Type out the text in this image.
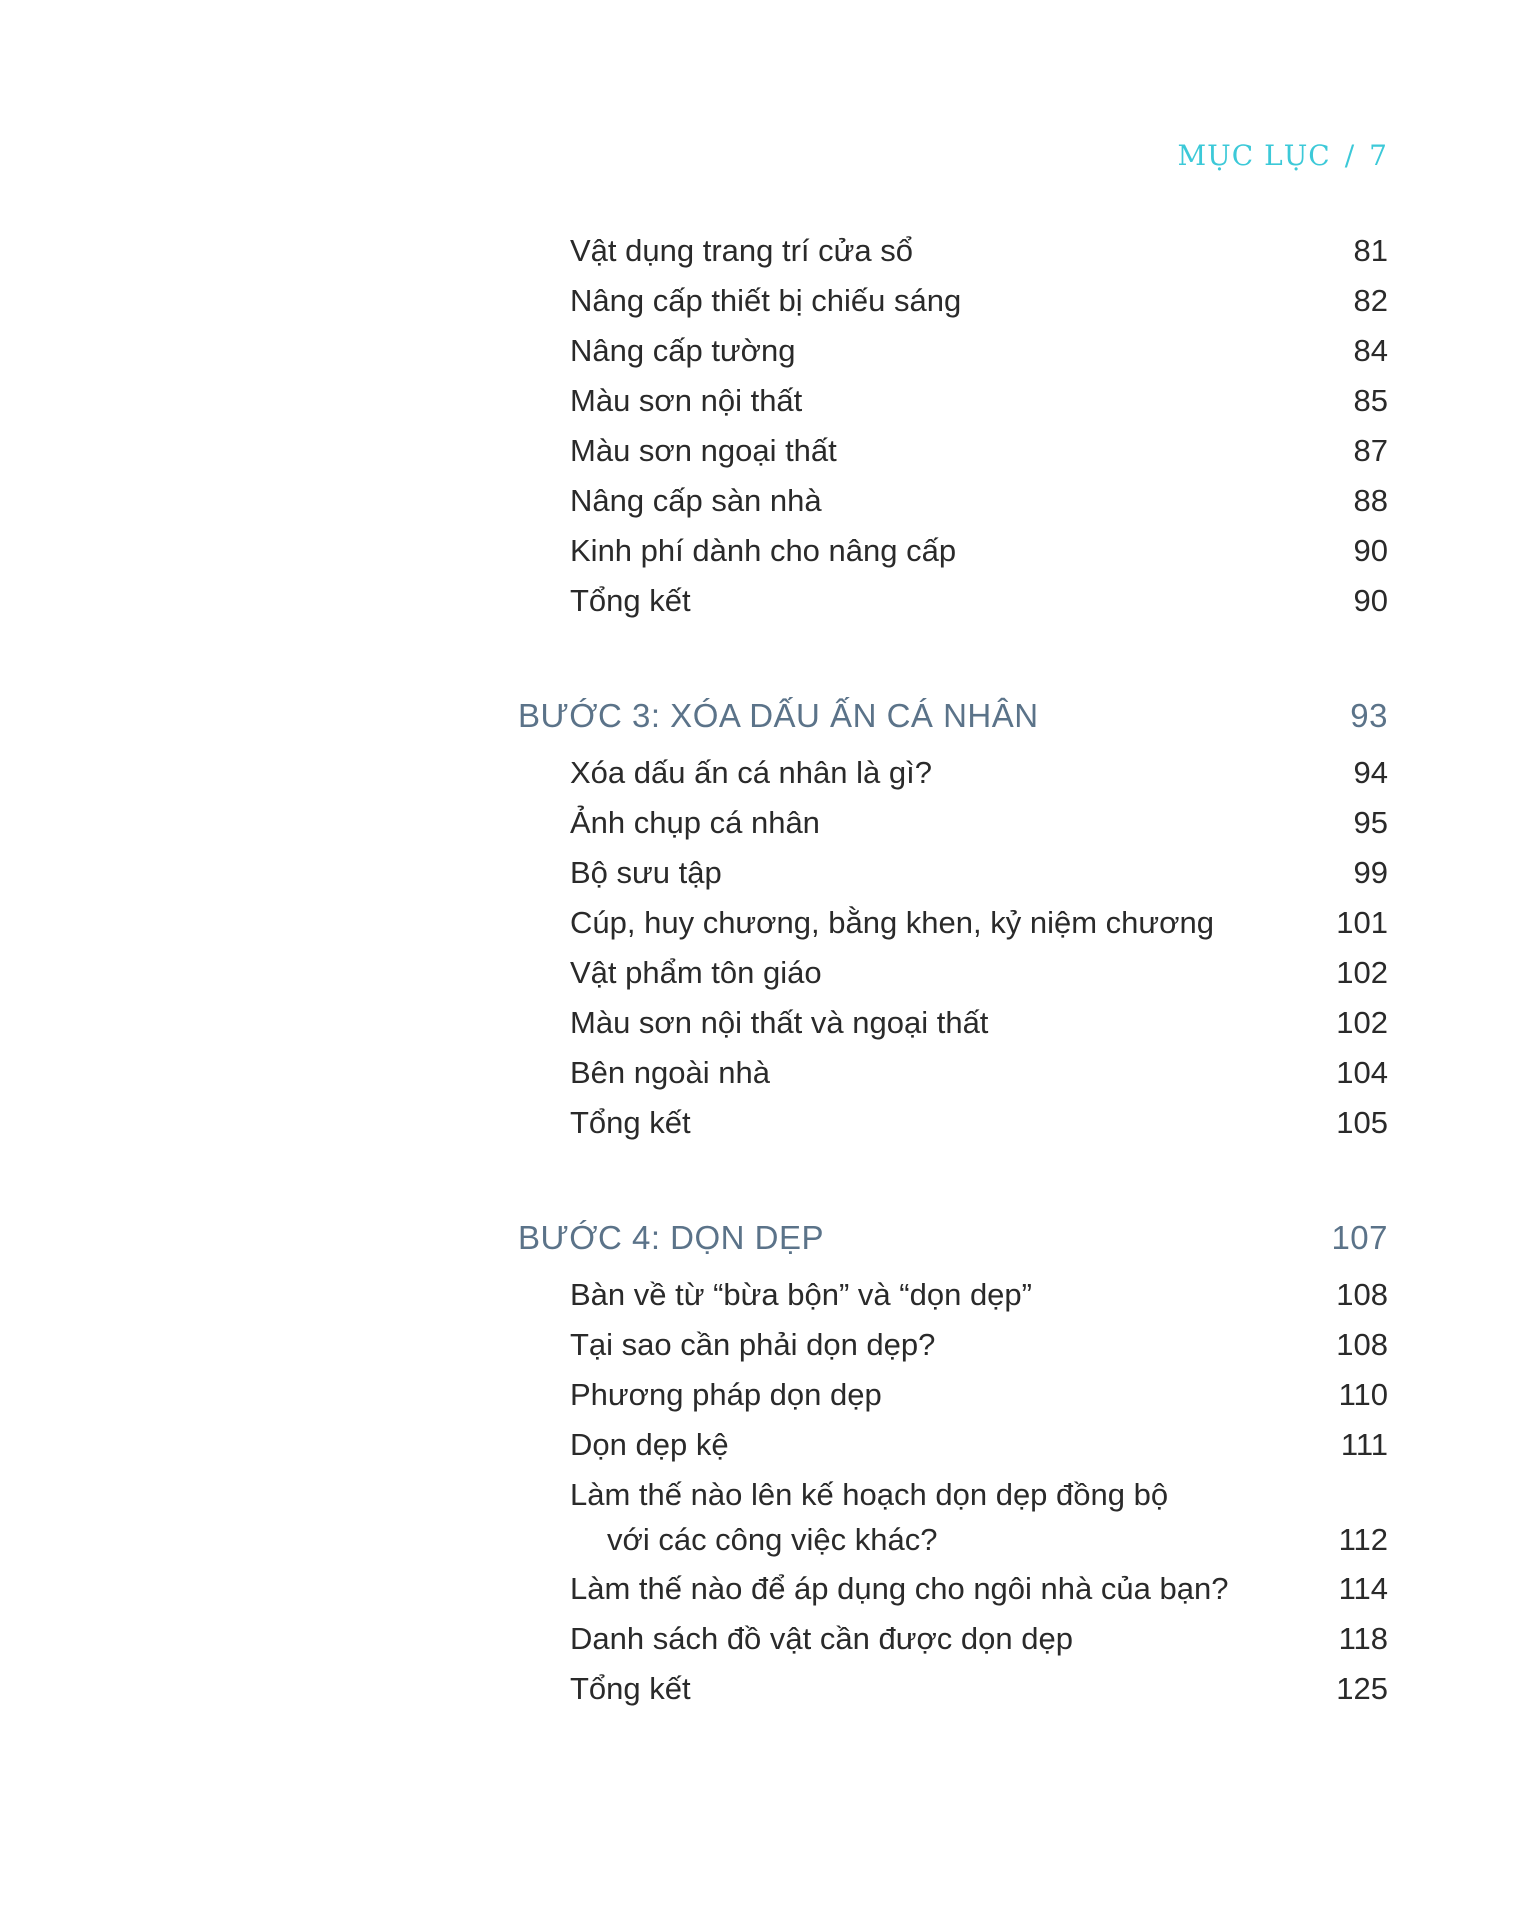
MỤC LỤC / 7
Vật dụng trang trí cửa sổ	81
Nâng cấp thiết bị chiếu sáng	82
Nâng cấp tường	84
Màu sơn nội thất	85
Màu sơn ngoại thất	87
Nâng cấp sàn nhà	88
Kinh phí dành cho nâng cấp	90
Tổng kết	90
BƯỚC 3: XÓA DẤU ẤN CÁ NHÂN	93
Xóa dấu ấn cá nhân là gì?	94
Ảnh chụp cá nhân	95
Bộ sưu tập	99
Cúp, huy chương, bằng khen, kỷ niệm chương	101
Vật phẩm tôn giáo	102
Màu sơn nội thất và ngoại thất	102
Bên ngoài nhà	104
Tổng kết	105
BƯỚC 4: DỌN DẸP	107
Bàn về từ “bừa bộn” và “dọn dẹp”	108
Tại sao cần phải dọn dẹp?	108
Phương pháp dọn dẹp	110
Dọn dẹp kệ	111
Làm thế nào lên kế hoạch dọn dẹp đồng bộ
với các công việc khác?	112
Làm thế nào để áp dụng cho ngôi nhà của bạn?	114
Danh sách đồ vật cần được dọn dẹp	118
Tổng kết	125
